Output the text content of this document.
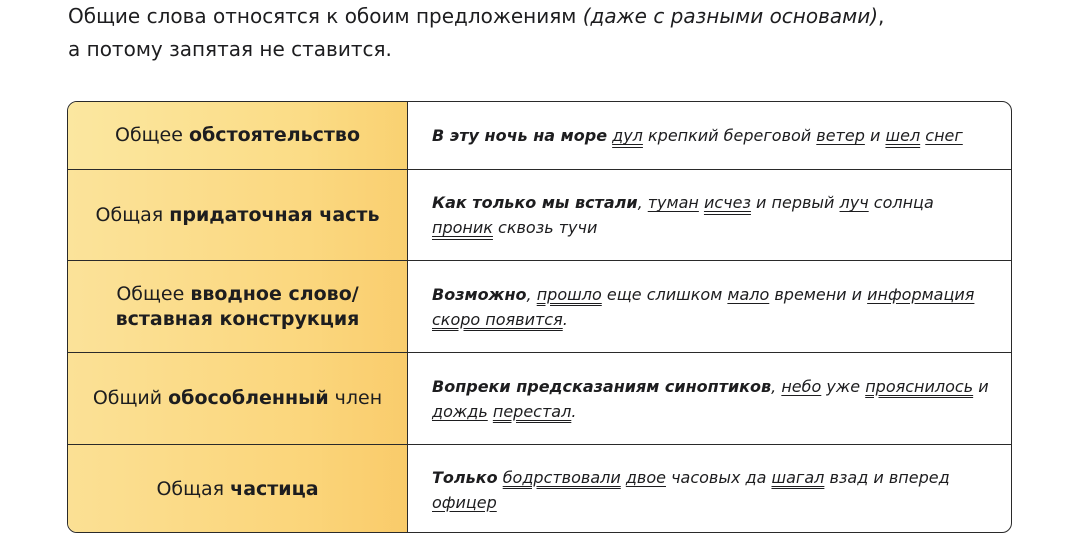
Общие слова относятся к обоим предложениям (даже с разными основами),
а потому запятая не ставится.
Общее обстоятельство	В эту ночь на море дул крепкий береговой ветер и шел снег

Общая придаточная часть

Как только мы встали, туман исчез и первый луч солнца проник сквозь тучи

Общее вводное слово/ вставная конструкция

Возможно, прошло еще слишком мало времени и информация скоро появится.

Общий обособленный член

Вопреки предсказаниям синоптиков, небо уже прояснилось и дождь перестал.

Общая частица

Только бодрствовали двое часовых да шагал взад и вперед офицер
